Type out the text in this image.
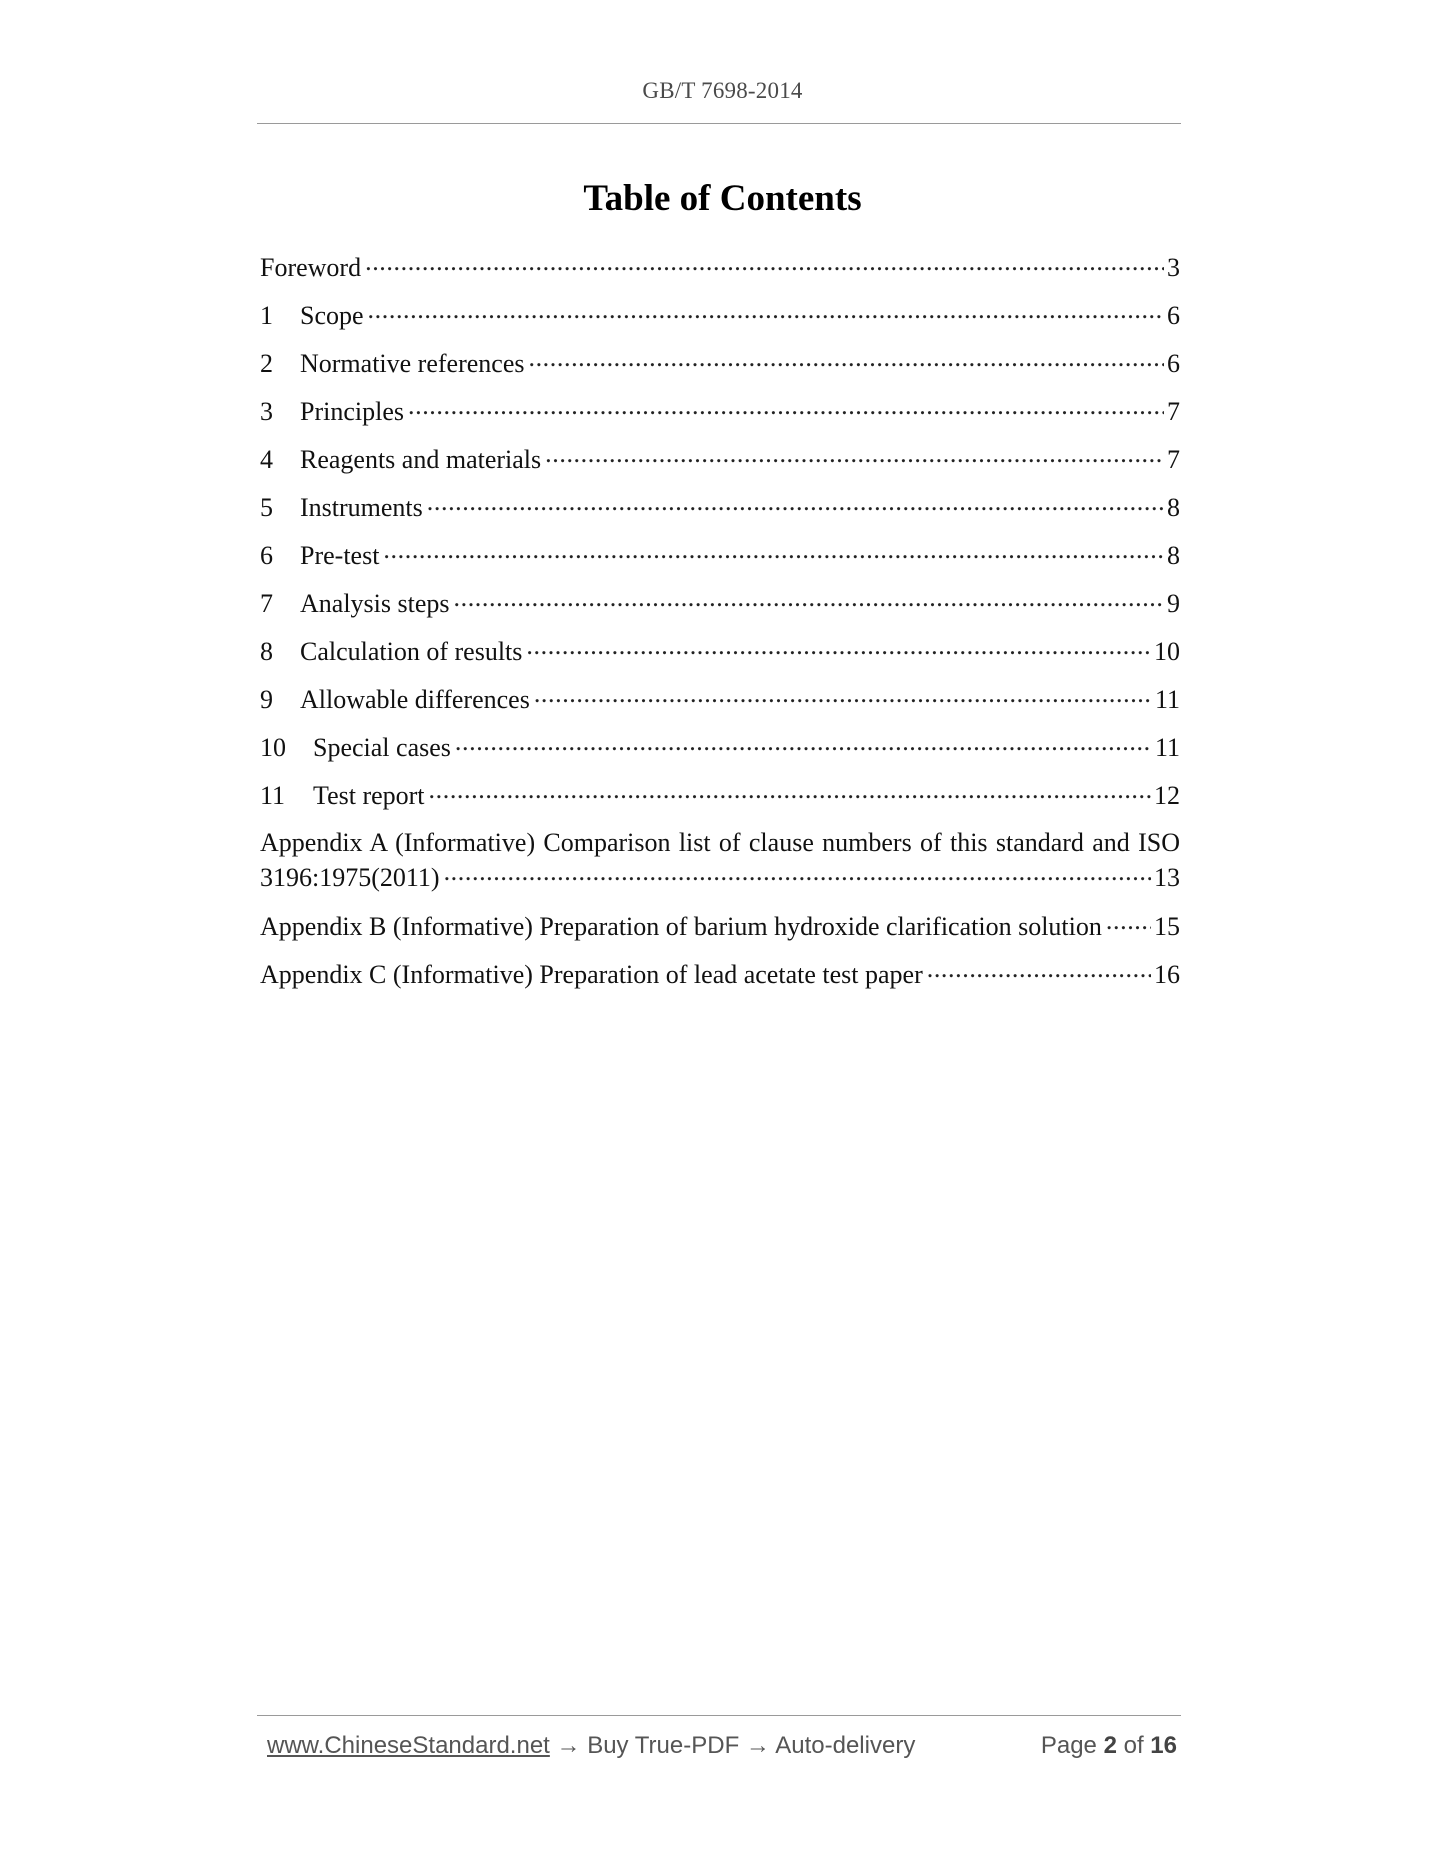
GB/T 7698-2014
Table of Contents
Foreword .....	3
1	Scope .....	6
2	Normative references .....	6
3	Principles .....	7
4	Reagents and materials .....	7
5	Instruments .....	8
6	Pre-test .....	8
7	Analysis steps .....	9
8	Calculation of results .....	10
9	Allowable differences .....	11
10	Special cases .....	11
11	Test report .....	12
Appendix A (Informative) Comparison list of clause numbers of this standard and ISO
3196:1975(2011) .....	13
Appendix B (Informative) Preparation of barium hydroxide clarification solution ..... 15
Appendix C (Informative) Preparation of lead acetate test paper .....	16
www.ChineseStandard.net → Buy True-PDF → Auto-delivery	Page 2 of 16
